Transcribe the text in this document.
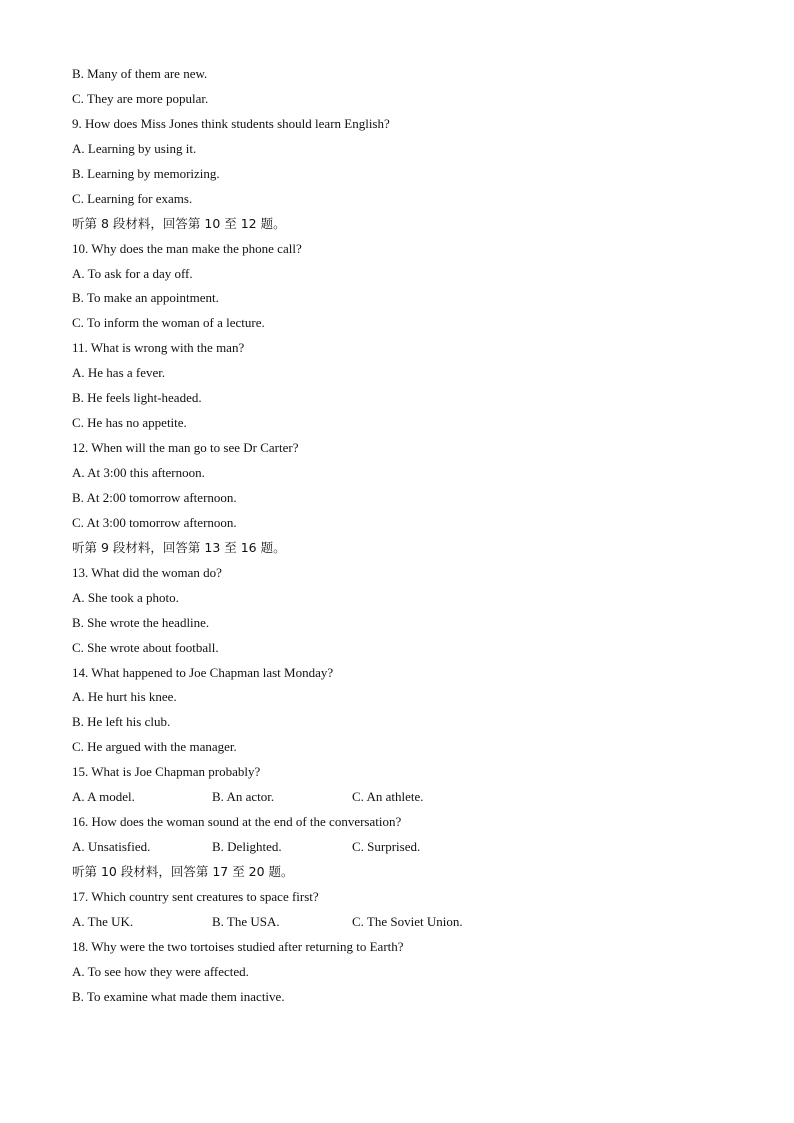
B. Many of them are new.
C. They are more popular.
9. How does Miss Jones think students should learn English?
A. Learning by using it.
B. Learning by memorizing.
C. Learning for exams.
听第 8 段材料，回答第 10 至 12 题。
10. Why does the man make the phone call?
A. To ask for a day off.
B. To make an appointment.
C. To inform the woman of a lecture.
11. What is wrong with the man?
A. He has a fever.
B. He feels light-headed.
C. He has no appetite.
12. When will the man go to see Dr Carter?
A. At 3:00 this afternoon.
B. At 2:00 tomorrow afternoon.
C. At 3:00 tomorrow afternoon.
听第 9 段材料，回答第 13 至 16 题。
13. What did the woman do?
A. She took a photo.
B. She wrote the headline.
C. She wrote about football.
14. What happened to Joe Chapman last Monday?
A. He hurt his knee.
B. He left his club.
C. He argued with the manager.
15. What is Joe Chapman probably?
A. A model.	B. An actor.	C. An athlete.
16. How does the woman sound at the end of the conversation?
A. Unsatisfied.	B. Delighted.	C. Surprised.
听第 10 段材料，回答第 17 至 20 题。
17. Which country sent creatures to space first?
A. The UK.	B. The USA.	C. The Soviet Union.
18. Why were the two tortoises studied after returning to Earth?
A. To see how they were affected.
B. To examine what made them inactive.
